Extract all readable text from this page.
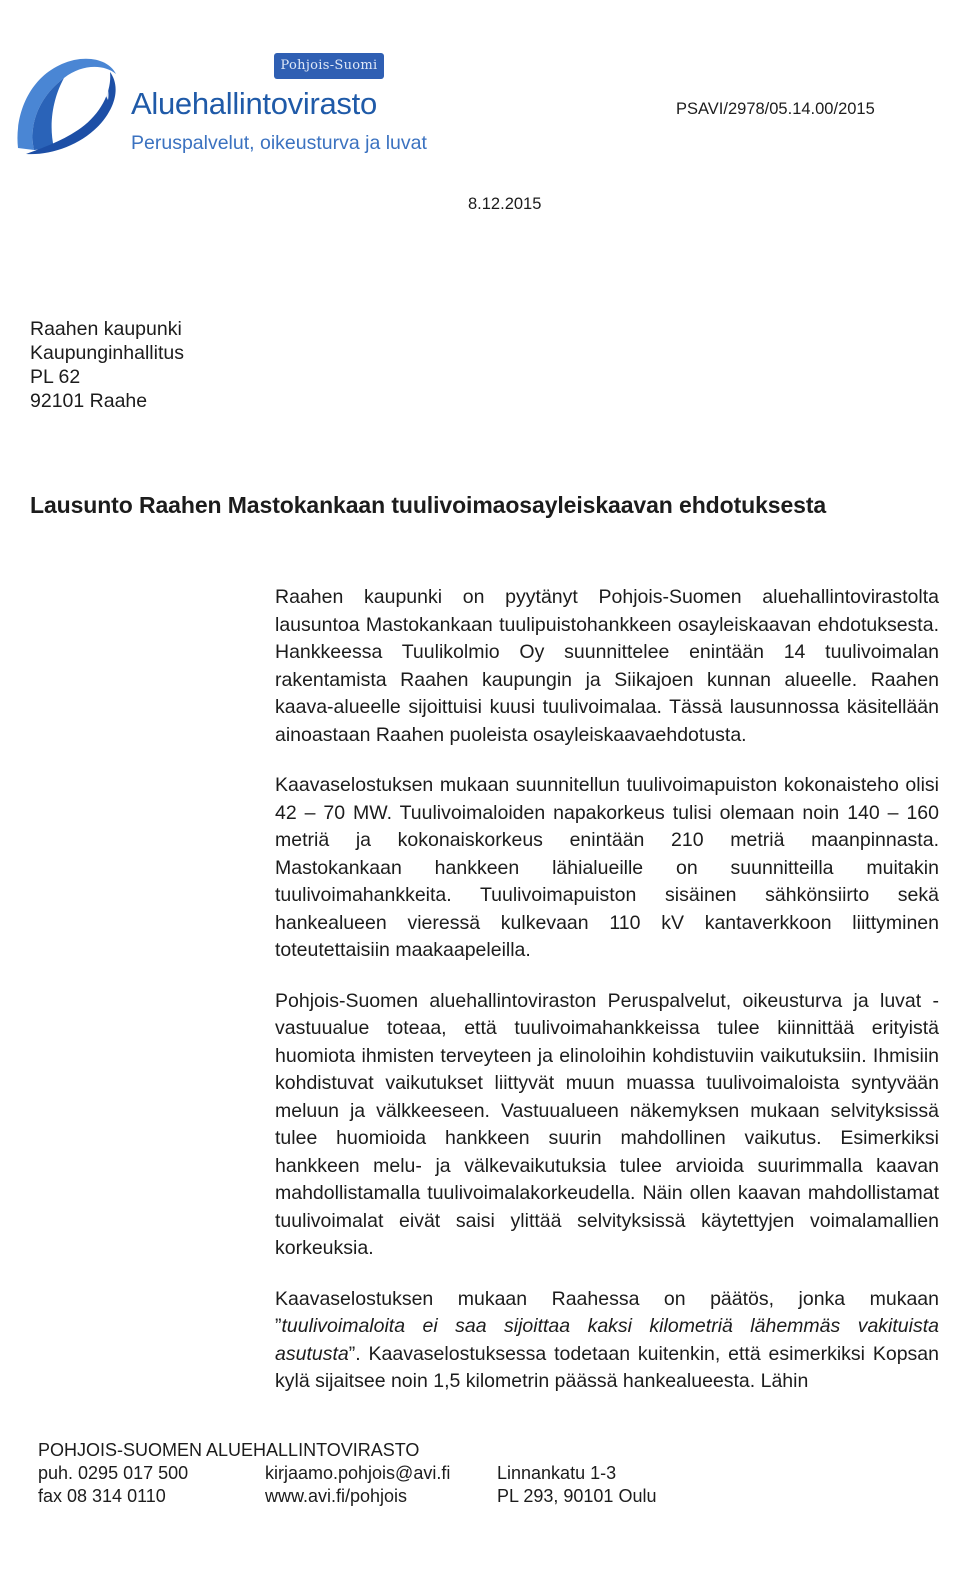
Pohjois-Suomi
Aluehallintovirasto
Peruspalvelut, oikeusturva ja luvat
PSAVI/2978/05.14.00/2015
8.12.2015
Raahen kaupunki
Kaupunginhallitus
PL 62
92101 Raahe
Lausunto Raahen Mastokankaan tuulivoimaosayleiskaavan ehdotuksesta

Raahen kaupunki on pyytänyt Pohjois-Suomen aluehallintovirastolta lausuntoa Mastokankaan tuulipuistohankkeen osayleiskaavan ehdotuksesta. Hankkeessa Tuulikolmio Oy suunnittelee enintään 14 tuulivoimalan rakentamista Raahen kaupungin ja Siikajoen kunnan alueelle. Raahen kaava-alueelle sijoittuisi kuusi tuulivoimalaa. Tässä lausunnossa käsitellään ainoastaan Raahen puoleista osayleiskaavaehdotusta.

Kaavaselostuksen mukaan suunnitellun tuulivoimapuiston kokonaisteho olisi 42 – 70 MW. Tuulivoimaloiden napakorkeus tulisi olemaan noin 140 – 160 metriä ja kokonaiskorkeus enintään 210 metriä maanpinnasta. Mastokankaan hankkeen lähialueille on suunnitteilla muitakin tuulivoimahankkeita. Tuulivoimapuiston sisäinen sähkönsiirto sekä hankealueen vieressä kulkevaan 110 kV kantaverkkoon liittyminen toteutettaisiin maakaapeleilla.

Pohjois-Suomen aluehallintoviraston Peruspalvelut, oikeusturva ja luvat -vastuualue toteaa, että tuulivoimahankkeissa tulee kiinnittää erityistä huomiota ihmisten terveyteen ja elinoloihin kohdistuviin vaikutuksiin. Ihmisiin kohdistuvat vaikutukset liittyvät muun muassa tuulivoimaloista syntyvään meluun ja välkkeeseen. Vastuualueen näkemyksen mukaan selvityksissä tulee huomioida hankkeen suurin mahdollinen vaikutus. Esimerkiksi hankkeen melu- ja välkevaikutuksia tulee arvioida suurimmalla kaavan mahdollistamalla tuulivoimalakorkeudella. Näin ollen kaavan mahdollistamat tuulivoimalat eivät saisi ylittää selvityksissä käytettyjen voimalamallien korkeuksia.

Kaavaselostuksen mukaan Raahessa on päätös, jonka mukaan ”tuulivoimaloita ei saa sijoittaa kaksi kilometriä lähemmäs vakituista asutusta”. Kaavaselostuksessa todetaan kuitenkin, että esimerkiksi Kopsan kylä sijaitsee noin 1,5 kilometrin päässä hankealueesta. Lähin

POHJOIS-SUOMEN ALUEHALLINTOVIRASTO
puh. 0295 017 500
fax 08 314 0110
kirjaamo.pohjois@avi.fi
www.avi.fi/pohjois
Linnankatu 1-3
PL 293, 90101 Oulu
